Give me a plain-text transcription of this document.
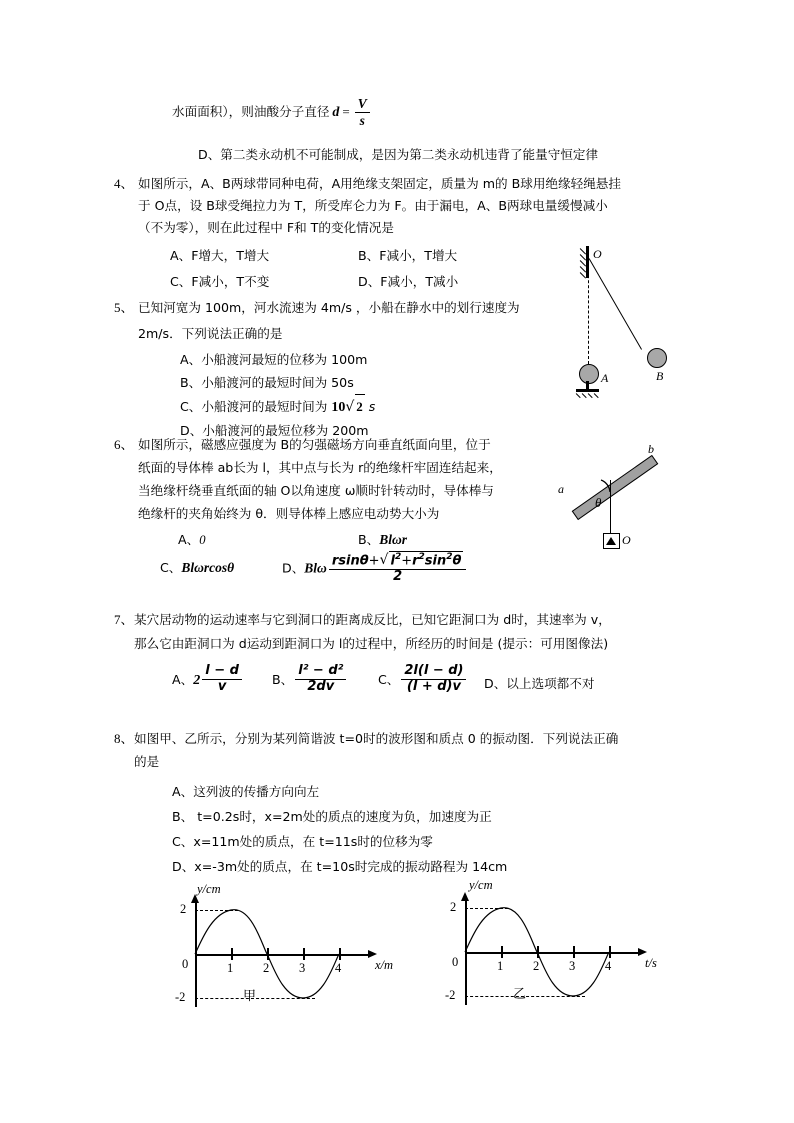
水面面积），则油酸分子直径 $d = \frac{V}{s}$
D、第二类永动机不可能制成，是因为第二类永动机违背了能量守恒定律
4、 如图所示，A、B两球带同种电荷，A用绝缘支架固定，质量为 m的 B球用绝缘轻绳悬挂
于 O点，设 B球受绳拉力为 T，所受库仑力为 F。由于漏电，A、B两球电量缓慢减小
（不为零），则在此过程中 F和 T的变化情况是
A、F增大，T增大	B、F减小，T增大
C、F减小，T不变	D、F减小，T减小
O
B
A
5、 已知河宽为 100m，河水流速为 4m/s ，小船在静水中的划行速度为
2m/s．下列说法正确的是
A、小船渡河最短的位移为 100m
B、小船渡河的最短时间为 50s
C、小船渡河的最短时间为 10√ 2 s
D、小船渡河的最短位移为 200m
6、 如图所示，磁感应强度为 B的匀强磁场方向垂直纸面向里，位于
纸面的导体棒 ab长为 l，其中点与长为 r的绝缘杆牢固连结起来，
当绝缘杆绕垂直纸面的轴 O以角速度 ω顺时针转动时，导体棒与
绝缘杆的夹角始终为 θ．则导体棒上感应电动势大小为
A、0	B、Blωr
C、Blωrcosθ	D、Blω $\frac{rsin\theta+√ l^2+r^2\sin^2\theta}{2}$
a
b
θ
O
7、 某穴居动物的运动速率与它到洞口的距离成反比，已知它距洞口为 d时，其速率为 v，
那么它由距洞口为 d运动到距洞口为 l的过程中，所经历的时间是 (提示：可用图像法)
A、$2 \frac{l - d}{v}$ B、 $\frac{\text{l² − d²}}{2dv}$	C、 $\frac{2l(l - d)}{(l + d)v}$ D、以上选项都不对
8、 如图甲、乙所示，分别为某列简谐波 t=0时的波形图和质点 0 的振动图．下列说法正确
的是
A、这列波的传播方向向左
B、 t=0.2s时，x=2m处的质点的速度为负，加速度为正
C、x=11m处的质点，在 t=11s时的位移为零
D、x=-3m处的质点，在 t=10s时完成的振动路程为 14cm
y/cm
x/m
2
-2
0	1 2 3 4
甲
y/cm
t/s
2
-2
0	1 2 3 4
乙
